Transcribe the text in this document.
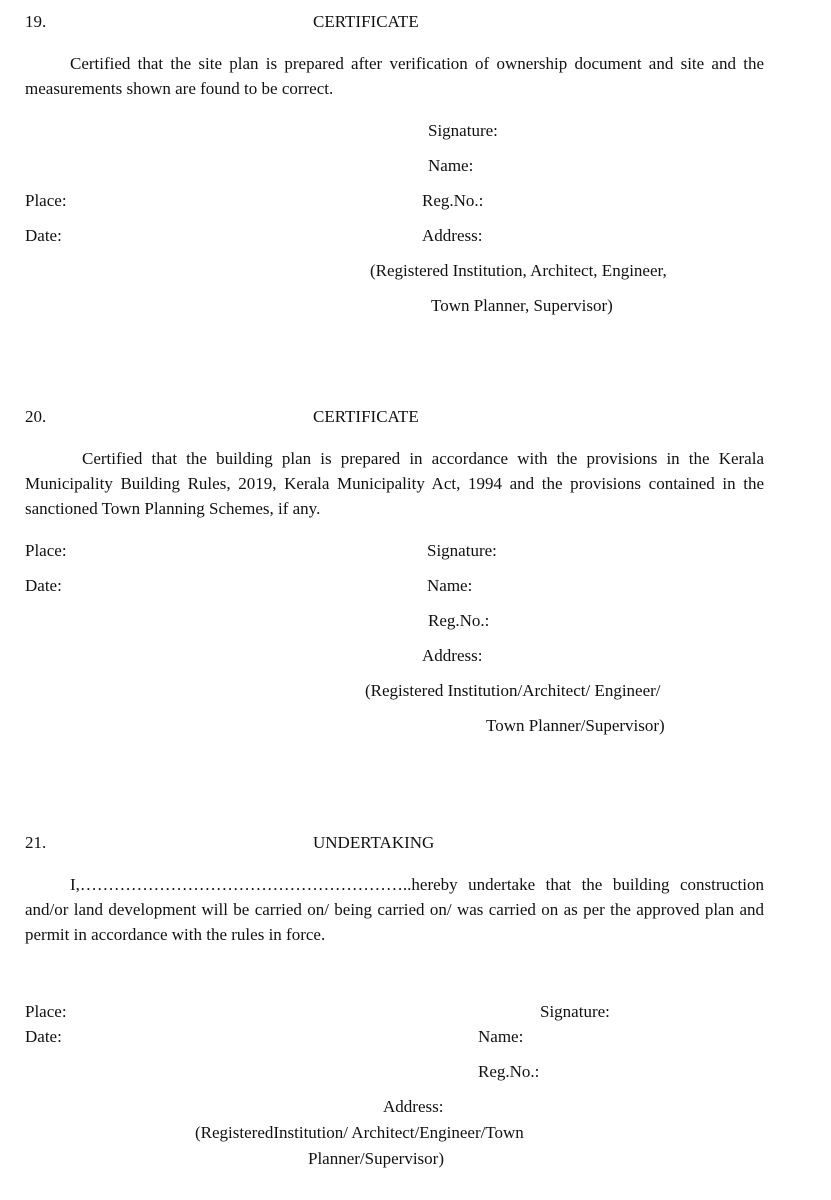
19.	CERTIFICATE
Certified that the site plan is prepared after verification of ownership document and site and the measurements shown are found to be correct.
Signature:
Name:
Place:	Reg.No.:
Date:	Address:
(Registered Institution, Architect, Engineer,
Town Planner, Supervisor)
20.	CERTIFICATE
Certified that the building plan is prepared in accordance with the provisions in the Kerala Municipality Building Rules, 2019, Kerala Municipality Act, 1994 and the provisions contained in the sanctioned Town Planning Schemes, if any.
Place:	Signature:
Date:	Name:
Reg.No.:
Address:
(Registered Institution/Architect/ Engineer/
Town Planner/Supervisor)
21.	UNDERTAKING
I,…………………………………………………..hereby undertake that the building construction and/or land development will be carried on/ being carried on/ was carried on as per the approved plan and permit in accordance with the rules in force.
Place:	Signature:
Date:	Name:
Reg.No.:
Address:
(RegisteredInstitution/ Architect/Engineer/Town
Planner/Supervisor)
